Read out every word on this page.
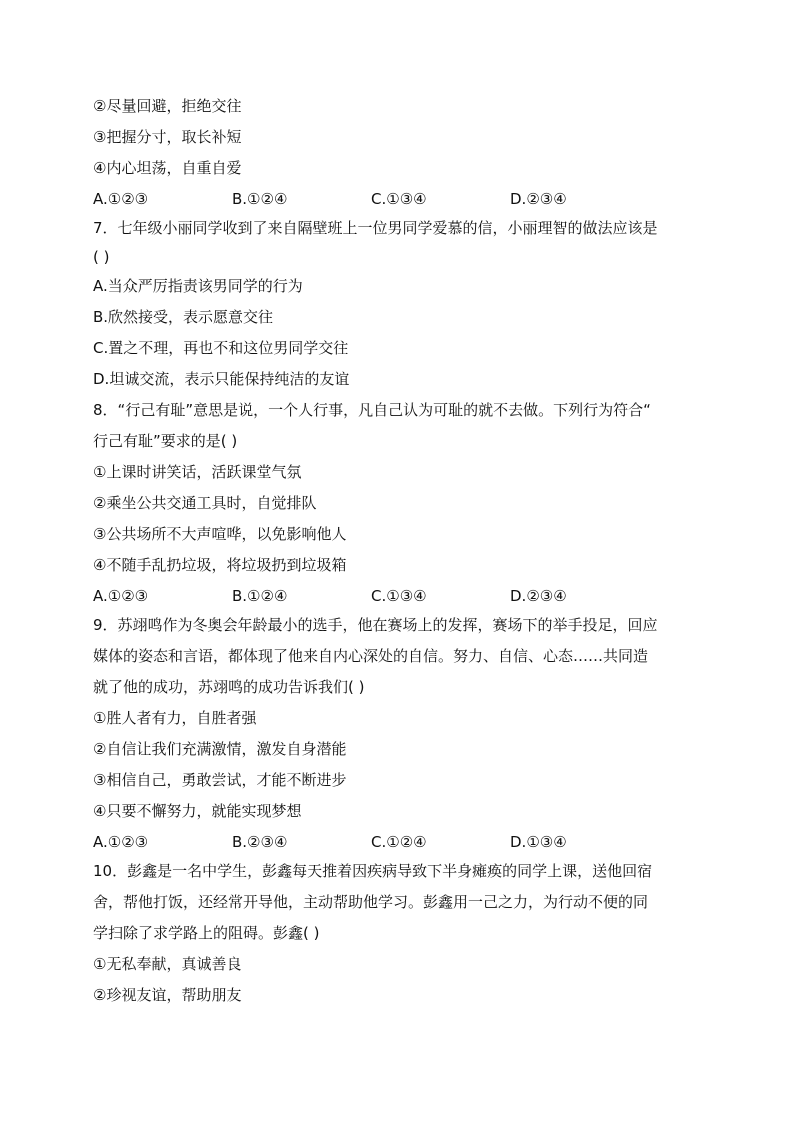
②尽量回避，拒绝交往
③把握分寸，取长补短
④内心坦荡，自重自爱
A.①②③	B.①②④	C.①③④	D.②③④
7．七年级小丽同学收到了来自隔壁班上一位男同学爱慕的信，小丽理智的做法应该是
( )
A.当众严厉指责该男同学的行为
B.欣然接受，表示愿意交往
C.置之不理，再也不和这位男同学交往
D.坦诚交流，表示只能保持纯洁的友谊
8．“行己有耻”意思是说，一个人行事，凡自己认为可耻的就不去做。下列行为符合“
行己有耻”要求的是( )
①上课时讲笑话，活跃课堂气氛
②乘坐公共交通工具时，自觉排队
③公共场所不大声喧哗，以免影响他人
④不随手乱扔垃圾，将垃圾扔到垃圾箱
A.①②③	B.①②④	C.①③④	D.②③④
9．苏翊鸣作为冬奥会年龄最小的选手，他在赛场上的发挥，赛场下的举手投足，回应
媒体的姿态和言语，都体现了他来自内心深处的自信。努力、自信、心态……共同造
就了他的成功，苏翊鸣的成功告诉我们( )
①胜人者有力，自胜者强
②自信让我们充满激情，激发自身潜能
③相信自己，勇敢尝试，才能不断进步
④只要不懈努力，就能实现梦想
A.①②③	B.②③④	C.①②④	D.①③④
10．彭鑫是一名中学生，彭鑫每天推着因疾病导致下半身瘫痪的同学上课，送他回宿
舍，帮他打饭，还经常开导他，主动帮助他学习。彭鑫用一己之力，为行动不便的同
学扫除了求学路上的阻碍。彭鑫( )
①无私奉献，真诚善良
②珍视友谊，帮助朋友
